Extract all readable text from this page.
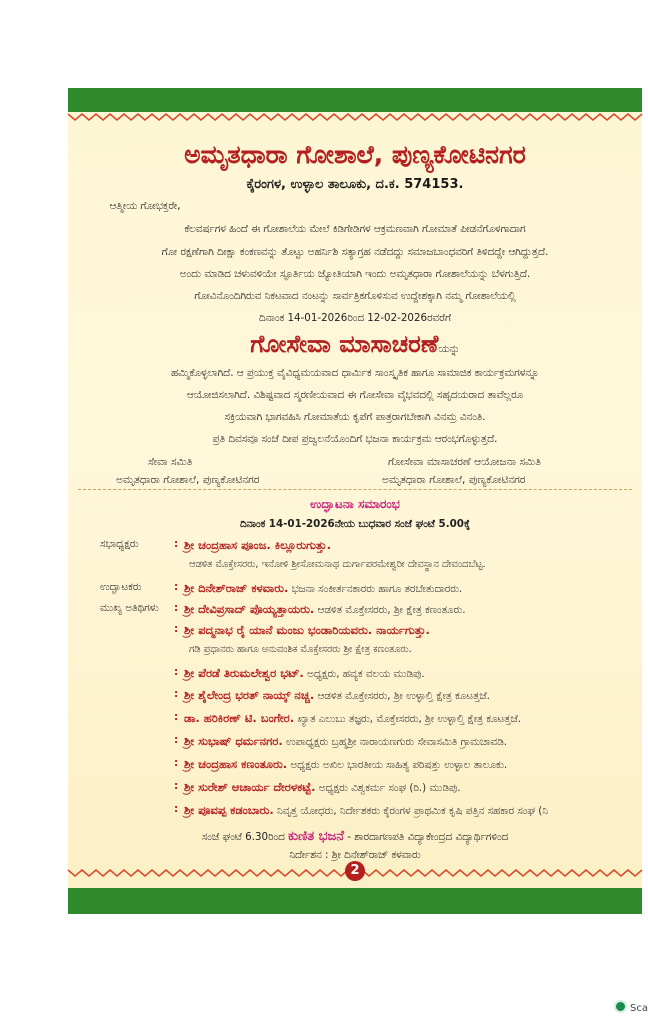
ಅಮೃತಧಾರಾ ಗೋಶಾಲೆ, ಪುಣ್ಯಕೋಟಿನಗರ
ಕೈರಂಗಳ, ಉಳ್ಳಾಲ ತಾಲೂಕು, ದ.ಕ. 574153.
ಆತ್ಮೀಯ ಗೋಭಕ್ತರೇ,
ಕೆಲವರ್ಷಗಳ ಹಿಂದೆ ಈ ಗೋಶಾಲೆಯ ಮೇಲೆ ಕಿಡಿಗೇಡಿಗಳ ಆಕ್ರಮಣವಾಗಿ ಗೋಮಾತೆ ಪೀಡನೆಗೊಳಗಾದಾಗ
ಗೋ ರಕ್ಷಣೆಗಾಗಿ ದೀಕ್ಷಾ ಕಂಕಣವನ್ನು ತೊಟ್ಟು ಅಹರ್ನಿಶಿ ಸತ್ಯಾಗ್ರಹ ನಡೆದದ್ದು ಸಮಾಜಬಾಂಧವರಿಗೆ ತಿಳಿದದ್ದೇ ಆಗಿದ್ದುತ್ತದೆ.
ಅಂದು ಮಾಡಿದ ಚಳುವಳಿಯೇ ಸ್ಫೂರ್ತಿಯ ಜ್ಯೋತಿಯಾಗಿ ಇಂದು ಅಮೃತಧಾರಾ ಗೋಶಾಲೆಯನ್ನು ಬೆಳಗುತ್ತಿದೆ.
ಗೋವಿನೊಂದಿಗಿರುವ ನಿಕಟವಾದ ನಂಟನ್ನು ಸಾರ್ವತ್ರಿಕಗೊಳಿಸುವ ಉದ್ದೇಶಕ್ಕಾಗಿ ನಮ್ಮ ಗೋಶಾಲೆಯಲ್ಲಿ
ದಿನಾಂಕ 14-01-2026ರಿಂದ 12-02-2026ರವರೆಗೆ
ಗೋಸೇವಾ ಮಾಸಾಚರಣೆಯನ್ನು
ಹಮ್ಮಿಕೊಳ್ಳಲಾಗಿದೆ. ಆ ಪ್ರಯುಕ್ತ ವೈವಿಧ್ಯಮಯವಾದ ಧಾರ್ಮಿಕ ಸಾಂಸ್ಕೃತಿಕ ಹಾಗೂ ಸಾಮಾಜಿಕ ಕಾರ್ಯಕ್ರಮಗಳನ್ನೂ
ಆಯೋಜಿಸಲಾಗಿದೆ. ವಿಶಿಷ್ಟವಾದ ಸ್ಮರಣೀಯವಾದ ಈ ಗೋಸೇವಾ ವೈಭವದಲ್ಲಿ ಸಹೃದಯರಾದ ತಾವೆಲ್ಲರೂ
ಸಕ್ರಿಯವಾಗಿ ಭಾಗವಹಿಸಿ ಗೋಮಾತೆಯ ಕೃಪೆಗೆ ಪಾತ್ರರಾಗಬೇಕಾಗಿ ವಿನಮ್ರ ವಿನಂತಿ.
ಪ್ರತಿ ದಿವಸವೂ ಸಂಜೆ ದೀಪ ಪ್ರಜ್ವಲನೆಯೊಂದಿಗೆ ಭಜನಾ ಕಾರ್ಯಕ್ರಮ ಆರಂಭಗೊಳ್ಳುತ್ತದೆ.
ಸೇವಾ ಸಮಿತಿ	ಗೋಸೇವಾ ಮಾಸಾಚರಣೆ ಆಯೋಜನಾ ಸಮಿತಿ
ಅಮೃತಧಾರಾ ಗೋಶಾಲೆ, ಪುಣ್ಯಕೋಟಿನಗರ	ಅಮೃತಧಾರಾ ಗೋಶಾಲೆ, ಪುಣ್ಯಕೋಟಿನಗರ
ಉದ್ಘಾಟನಾ ಸಮಾರಂಭ
ದಿನಾಂಕ 14-01-2026ನೇಯ ಬುಧವಾರ ಸಂಜೆ ಘಂಟೆ 5.00ಕ್ಕೆ
ಸಭಾಧ್ಯಕ್ಷರು	: ಶ್ರೀ ಚಂದ್ರಹಾಸ ಪೂಂಜ. ಕಿಲ್ಲೂರುಗುತ್ತು.
ಆಡಳಿತ ಮೊಕ್ತೇಸರರು, ಇನೋಳಿ ಶ್ರೀಸೋಮನಾಥ ದುರ್ಗಾಪರಮೇಶ್ವರೀ ದೇವಸ್ಥಾನ ದೇವಂದಬೆಟ್ಟ.
ಉದ್ಘಾಟಕರು	: ಶ್ರೀ ದಿನೇಶ್‌ರಾಜ್ ಕಳವಾರು. ಭಜನಾ ಸಂಕೀರ್ತನಕಾರರು ಹಾಗೂ ತರಬೇತುದಾರರು.
ಮುಖ್ಯ ಅತಿಥಿಗಳು : ಶ್ರೀ ದೇವಿಪ್ರಸಾದ್ ಪೊಯ್ಯತ್ತಾಯರು. ಆಡಳಿತ ಮೊಕ್ತೇಸರರು, ಶ್ರೀ ಕ್ಷೇತ್ರ ಕಣಂತೂರು.
: ಶ್ರೀ ಪದ್ಮನಾಭ ರೈ ಯಾನೆ ಮಂಜು ಭಂಡಾರಿಯವರು. ನಾರ್ಯಗುತ್ತು.
ಗಡಿ ಪ್ರಧಾನರು ಹಾಗೂ ಅನುವಂಶಿಕ ಮೊಕ್ತೇಸರರು ಶ್ರೀ ಕ್ಷೇತ್ರ ಕಣಂತೂರು.
: ಶ್ರೀ ಪೆರಡೆ ತಿರುಮಲೇಶ್ವರ ಭಟ್. ಅಧ್ಯಕ್ಷರು, ಹವ್ಯಕ ವಲಯ ಮುಡಿಪು.
: ಶ್ರೀ ಶೈಲೇಂದ್ರ ಭರತ್ ನಾಯ್ಕ್ ನಚ್ಚ. ಆಡಳಿತ ಮೊಕ್ತೇಸರರು, ಶ್ರೀ ಉಳ್ಳಾಲ್ತಿ ಕ್ಷೇತ್ರ ಕೂಟತ್ತಜೆ.
: ಡಾ. ಹರಿಕಿರಣ್ ಟಿ. ಬಂಗೇರ. ಖ್ಯಾತ ಎಲುಬು ತಜ್ಞರು, ಮೊಕ್ತೇಸರರು, ಶ್ರೀ ಉಳ್ಳಾಲ್ತಿ ಕ್ಷೇತ್ರ ಕೂಟತ್ತಜೆ.
: ಶ್ರೀ ಸುಭಾಷ್ ಧರ್ಮನಗರ. ಉಪಾಧ್ಯಕ್ಷರು ಬ್ರಹ್ಮಶ್ರೀ ನಾರಾಯಣಗುರು ಸೇವಾಸಮಿತಿ ಗ್ರಾಮಚಾವಡಿ.
: ಶ್ರೀ ಚಂದ್ರಹಾಸ ಕಣಂತೂರು. ಅಧ್ಯಕ್ಷರು ಅಖಿಲ ಭಾರತೀಯ ಸಾಹಿತ್ಯ ಪರಿಷತ್ತು ಉಳ್ಳಾಲ ತಾಲೂಕು.
: ಶ್ರೀ ಸುರೇಶ್ ಆಚಾರ್ಯ ದೇರಳಕಟ್ಟೆ. ಅಧ್ಯಕ್ಷರು ವಿಶ್ವಕರ್ಮ ಸಂಘ (ರಿ.) ಮುಡಿಪು.
: ಶ್ರೀ ಪೂವಪ್ಪ ಕಡಂಬಾರು. ನಿವೃತ್ತ ಯೋಧರು, ನಿರ್ದೇಶಕರು ಕೈರಂಗಳ ಪ್ರಾಥಮಿಕ ಕೃಷಿ ಪತ್ತಿನ ಸಹಕಾರ ಸಂಘ (ನಿ
ಸಂಜೆ ಘಂಟೆ 6.30ರಿಂದ ಕುಣಿತ ಭಜನೆ - ಶಾರದಾಗಣಪತಿ ವಿದ್ಯಾಕೇಂದ್ರದ ವಿದ್ಯಾರ್ಥಿಗಳಿಂದ
ನಿರ್ದೇಶನ : ಶ್ರೀ ದಿನೇಶ್‌ರಾಜ್ ಕಳವಾರು
2
Sca
